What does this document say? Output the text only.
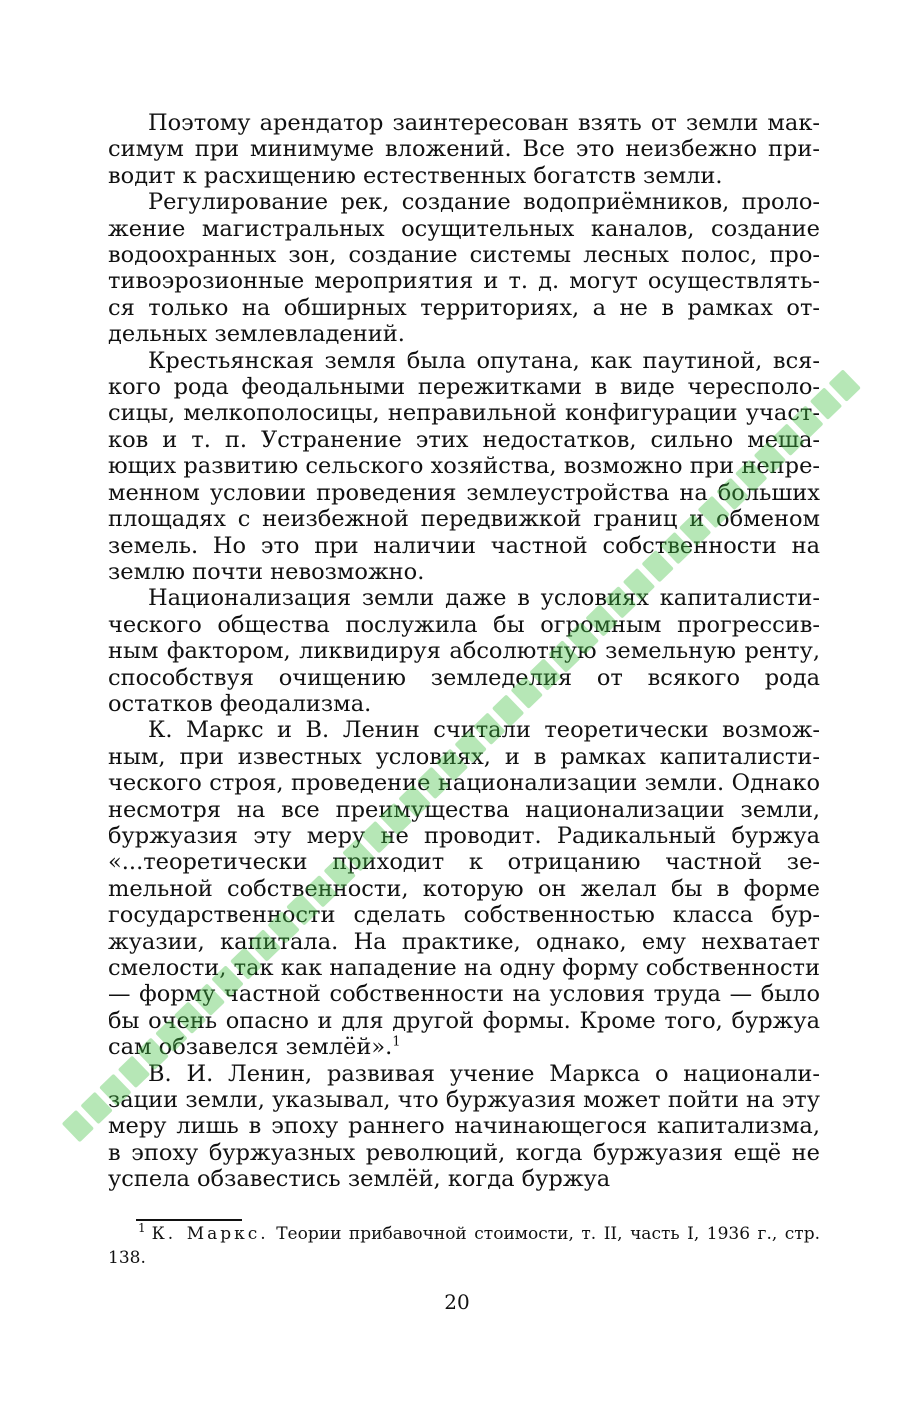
Поэтому арендатор заинтересован взять от земли максимум при минимуме вложений. Все это неизбежно приводит к расхищению естественных богатств земли.

Регулирование рек, создание водоприёмников, проложение магистральных осущительных каналов, создание водоохранных зон, создание системы лесных полос, противоэрозионные мероприятия и т. д. могут осуществляться только на обширных территориях, а не в рамках отдельных землевладений.

Крестьянская земля была опутана, как паутиной, всякого рода феодальными пережитками в виде чересполосицы, мелкополосицы, неправильной конфигурации участков и т. п. Устранение этих недостатков, сильно мешающих развитию сельского хозяйства, возможно при непременном условии проведения землеустройства на больших площадях с неизбежной передвижкой границ и обменом земель. Но это при наличии частной собственности на землю почти невозможно.

Национализация земли даже в условиях капиталистического общества послужила бы огромным прогрессивным фактором, ликвидируя абсолютную земельную ренту, способствуя очищению земледелия от всякого рода остатков феодализма.

К. Маркс и В. Ленин считали теоретически возможным, при известных условиях, и в рамках капиталистического строя, проведение национализации земли. Однако несмотря на все преимущества национализации земли, буржуазия эту меру не проводит. Радикальный буржуа «...теоретически приходит к отрицанию частной зеmельной собственности, которую он желал бы в форме государственности сделать собственностью класса буржуазии, капитала. На практике, однако, ему нехватает смелости, так как нападение на одну форму собственности — форму частной собственности на условия труда — было бы очень опасно и для другой формы. Кроме того, буржуа сам обзавелся землёй».$^1$

В. И. Ленин, развивая учение Маркса о национализации земли, указывал, что буржуазия может пойти на эту меру лишь в эпоху раннего начинающегося капитализма, в эпоху буржуазных революций, когда буржуазия ещё не успела обзавестись землёй, когда буржуа

$^1$ К. Маркс. Теории прибавочной стоимости, т. II, часть I, 1936 г., стр. 138.
20
